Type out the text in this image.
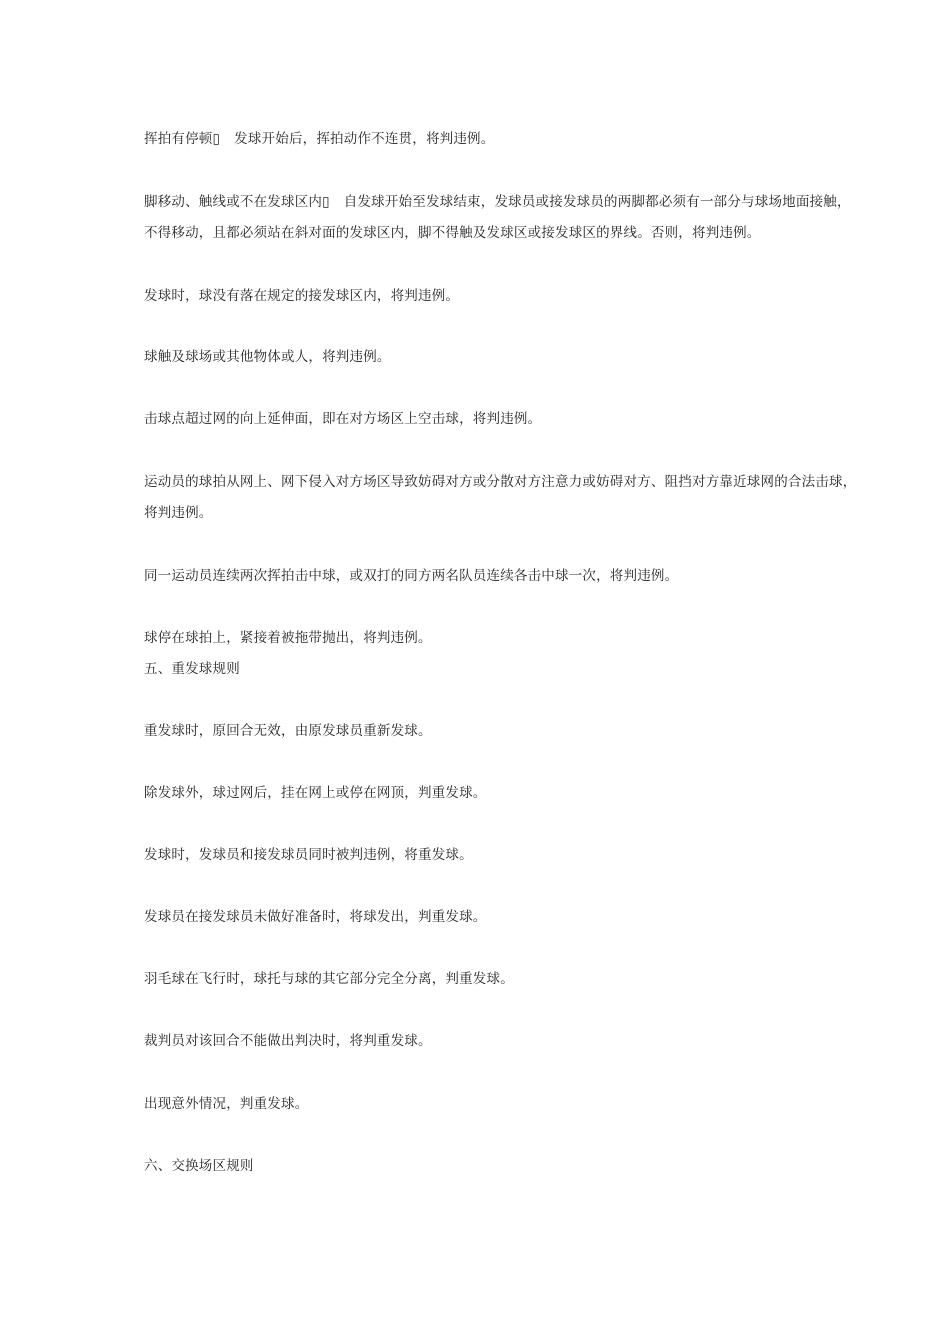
挥拍有停顿▯ 发球开始后，挥拍动作不连贯，将判违例。
脚移动、触线或不在发球区内▯ 自发球开始至发球结束，发球员或接发球员的两脚都必须有一部分与球场地面接触，
不得移动，且都必须站在斜对面的发球区内，脚不得触及发球区或接发球区的界线。否则，将判违例。
发球时，球没有落在规定的接发球区内，将判违例。
球触及球场或其他物体或人，将判违例。
击球点超过网的向上延伸面，即在对方场区上空击球，将判违例。
运动员的球拍从网上、网下侵入对方场区导致妨碍对方或分散对方注意力或妨碍对方、阻挡对方靠近球网的合法击球，
将判违例。
同一运动员连续两次挥拍击中球，或双打的同方两名队员连续各击中球一次，将判违例。
球停在球拍上，紧接着被拖带抛出，将判违例。
五、重发球规则
重发球时，原回合无效，由原发球员重新发球。
除发球外，球过网后，挂在网上或停在网顶，判重发球。
发球时，发球员和接发球员同时被判违例，将重发球。
发球员在接发球员未做好准备时，将球发出，判重发球。
羽毛球在飞行时，球托与球的其它部分完全分离，判重发球。
裁判员对该回合不能做出判决时，将判重发球。
出现意外情况，判重发球。
六、交换场区规则
